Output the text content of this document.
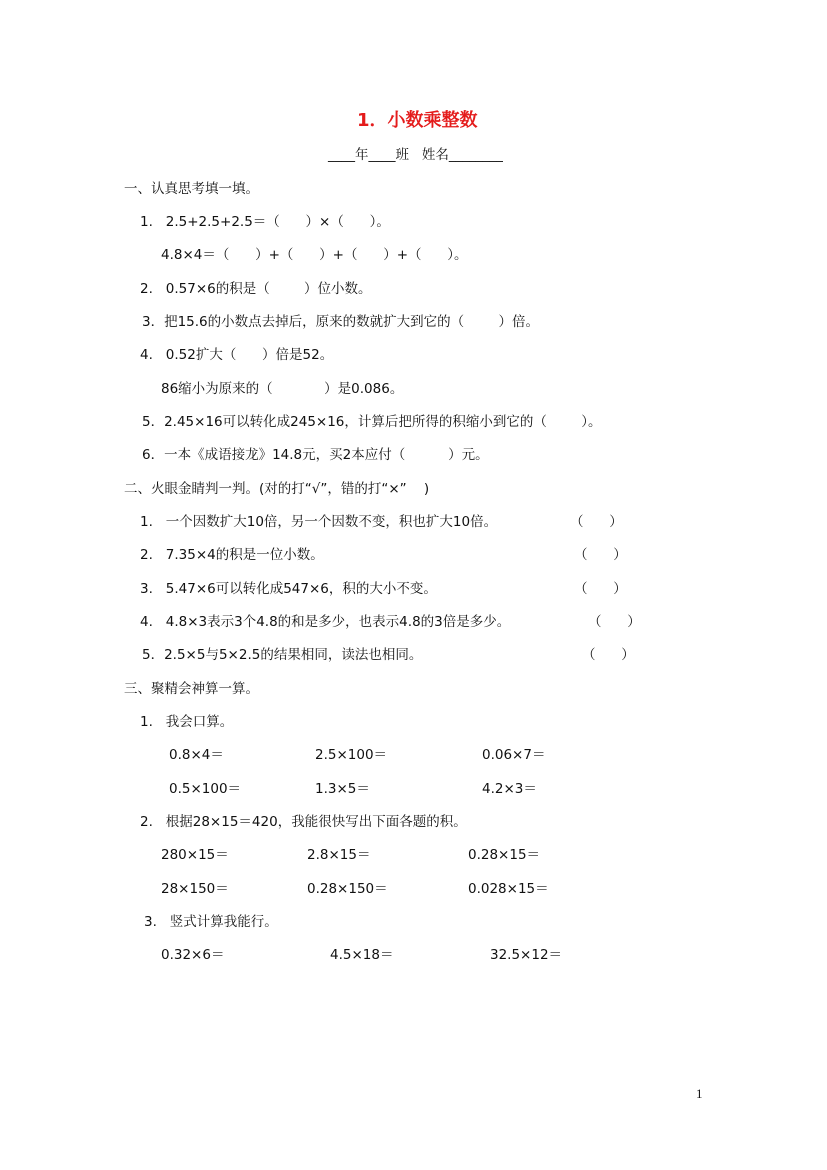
1．小数乘整数
____年____班   姓名________
一、认真思考填一填。
1.   2.5+2.5+2.5＝（      ）×（      ）。
4.8×4＝（      ）+（      ）+（      ）+（      ）。
2.   0.57×6的积是（        ）位小数。
3．把15.6的小数点去掉后，原来的数就扩大到它的（        ）倍。
4.   0.52扩大（      ）倍是52。
86缩小为原来的（            ）是0.086。
5．2.45×16可以转化成245×16，计算后把所得的积缩小到它的（        ）。
6．一本《成语接龙》14.8元，买2本应付（          ）元。
二、火眼金睛判一判。(对的打“√”，错的打“×”    )
1.   一个因数扩大10倍，另一个因数不变，积也扩大10倍。	（      ）
2.   7.35×4的积是一位小数。	（      ）
3.   5.47×6可以转化成547×6，积的大小不变。	（      ）
4.   4.8×3表示3个4.8的和是多少，也表示4.8的3倍是多少。	（      ）
5．2.5×5与5×2.5的结果相同，读法也相同。	（      ）
三、聚精会神算一算。
1.   我会口算。
0.8×4＝	2.5×100＝	0.06×7＝
0.5×100＝	1.3×5＝	4.2×3＝
2.   根据28×15＝420，我能很快写出下面各题的积。
280×15＝	2.8×15＝	0.28×15＝
28×150＝	0.28×150＝	0.028×15＝
3.   竖式计算我能行。
0.32×6＝	4.5×18＝	32.5×12＝
1
